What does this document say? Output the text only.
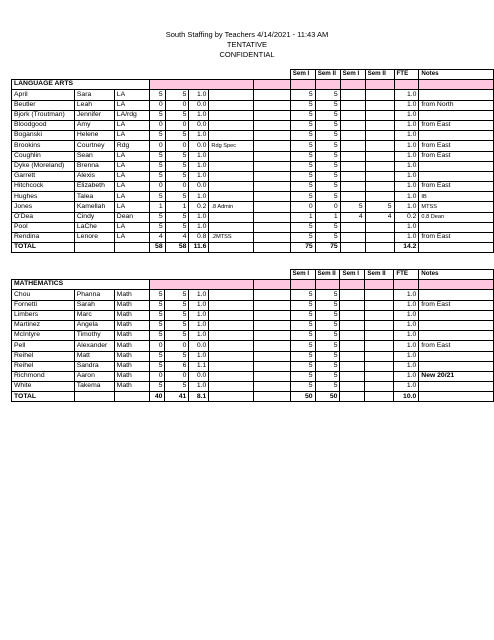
South Staffing by Teachers 4/14/2021 - 11:43 AM
TENTATIVE
CONFIDENTIAL
								Sem I	Sem II	Sem I	Sem II	FTE	Notes
LANGUAGE ARTS													
April	Sara	LA	5	5	1.0			5	5			1.0	
Beutler	Leah	LA	0	0	0.0			5	5			1.0	from North
Bjork (Troutman)	Jennifer	LA/rdg	5	5	1.0			5	5			1.0	
Bloodgood	Amy	LA	0	0	0.0			5	5			1.0	from East
Boganski	Helene	LA	5	5	1.0			5	5			1.0	
Brookins	Courtney	Rdg	0	0	0.0	Rdg Spec		5	5			1.0	from East
Coughlin	Sean	LA	5	5	1.0			5	5			1.0	from East
Dyke (Moreland)	Brenna	LA	5	5	1.0			5	5			1.0	
Garrett	Alexis	LA	5	5	1.0			5	5			1.0	
Hitchcock	Elizabeth	LA	0	0	0.0			5	5			1.0	from East
Hughes	Talea	LA	5	5	1.0			5	5			1.0	IB
Jones	Kamellah	LA	1	1	0.2	.8 Admin		0	0	5	5	1.0	MTSS
O'Dea	Cindy	Dean	5	5	1.0			1	1	4	4	0.2	0.8 Dean
Pool	LaChe	LA	5	5	1.0			5	5			1.0	
Rendina	Lenore	LA	4	4	0.8	.2MTSS		5	5			1.0	from East
TOTAL			58	58	11.6			75	75			14.2	
								Sem I	Sem II	Sem I	Sem II	FTE	Notes
MATHEMATICS													
Chou	Phanna	Math	5	5	1.0			5	5			1.0	
Fornetti	Sarah	Math	5	5	1.0			5	5			1.0	from East
Limbers	Marc	Math	5	5	1.0			5	5			1.0	
Martinez	Angela	Math	5	5	1.0			5	5			1.0	
McIntyre	Timothy	Math	5	5	1.0			5	5			1.0	
Pell	Alexander	Math	0	0	0.0			5	5			1.0	from East
Reihel	Matt	Math	5	5	1.0			5	5			1.0	
Reihel	Sandra	Math	5	6	1.1			5	5			1.0	
Richmond	Aaron	Math	0	0	0.0			5	5			1.0	New 20/21
White	Takema	Math	5	5	1.0			5	5			1.0	
TOTAL			40	41	8.1			50	50			10.0	
